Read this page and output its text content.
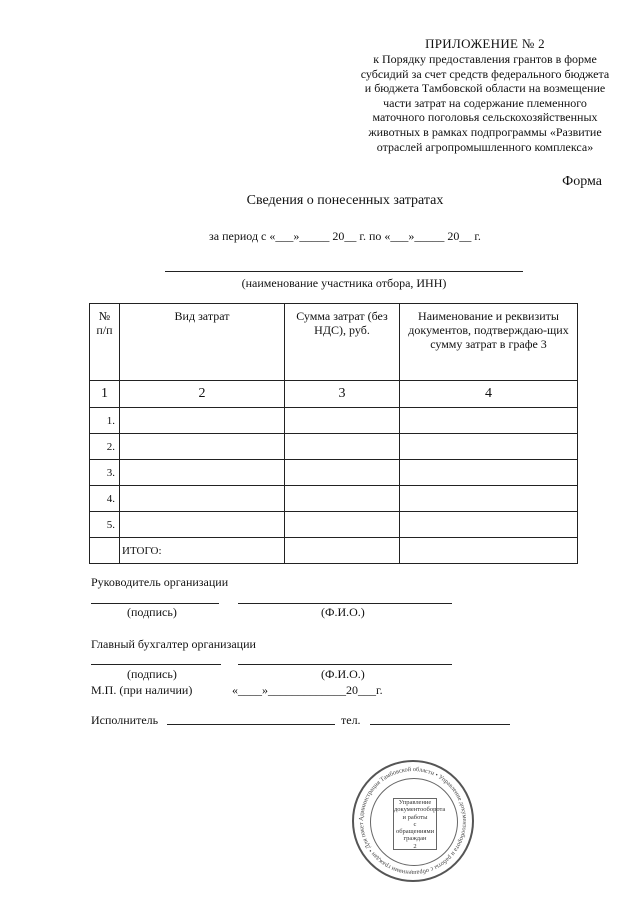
ПРИЛОЖЕНИЕ № 2
к Порядку предоставления грантов в форме
субсидий за счет средств федерального бюджета
и бюджета Тамбовской области на возмещение
части затрат на содержание племенного
маточного поголовья сельскохозяйственных
животных в рамках подпрограммы «Развитие
отраслей агропромышленного комплекса»
Форма
Сведения о понесенных затратах
за период с «___»_____ 20__ г. по «___»_____ 20__ г.
(наименование участника отбора, ИНН)
№ п/п	Вид затрат	Сумма затрат (без НДС), руб.	Наименование и реквизиты документов, подтверждаю-щих сумму затрат в графе 3
1	2	3	4
1.			
2.			
3.			
4.			
5.			
	ИТОГО:		
Руководитель организации
(подпись)	(Ф.И.О.)
Главный бухгалтер организации
(подпись)	(Ф.И.О.)
М.П. (при наличии)	«____»_____________20___г.
Исполнитель	тел.
Администрация Тамбовской области • Управление документооборота и работы с обращениями граждан • Для пакет
Управление
документооборота
и работы
с обращениями
граждан
2
